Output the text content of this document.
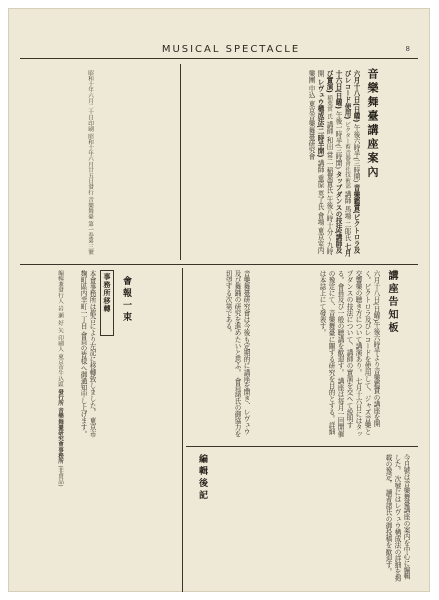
MUSICAL SPECTACLE	8
音樂舞臺講座案內
六月十八日(日曜) 午後六時半(三時開) 音樂鑑賞(ビクトロラ及びレコード使用) ビクター蓄音器會社技術部 講師 馬場 二郎氏 七月十六日(日曜) 午後一時半(三時開) タップダンスの技法(講師及び實演) 稲葉實 氏 講師 和田 常二 稲葉實氏 午後八時十分〜九時開 レヴュウ構成法(二時半開) 講師 重原 英了氏 會場 東京室内樂團 申込 東京音樂舞臺研究會
昭和十年六月二十日印刷 昭和十年六月廿五日發行 音樂舞臺 第一卷第三號
講座告知板
六月十八日(日曜)午後六時半より音樂鑑賞の講座を開く。ビクトロラ及びレコードを使用して、ジャズ音樂と交響樂の聴き方について講演あり。 七月十六日にはタップダンスの技法について、講師の實演を交へて説明する。會員及び一般の聴講を歓迎す。 講座は毎月一回開催の豫定にて、音樂舞臺に關する研究を目的とする。詳細は本誌上にて發表す。
音樂舞臺研究會は今後も定期的に講座を開き、レヴュウ及び舞踊の研究を進めたいと思ふ。 會員諸氏の御協力を切望する次第である。
會報一束
事務所移轉
本會事務所は都合により左記に移轉致しました。 東京市麹町區内幸町一丁目 會員の皆様へ御通知申し上げます。
編輯兼發行人 岩 瀬 好 矢 印刷人 東京市牛込區 發行所 音樂舞臺研究會事務所 (非賣品)	編輯後記	今月號は音樂舞臺講座の案内を中心に編輯した。 次號にはレヴュウ構成法の詳細を掲載の豫定。 讀者諸氏の御投稿を歓迎す。
